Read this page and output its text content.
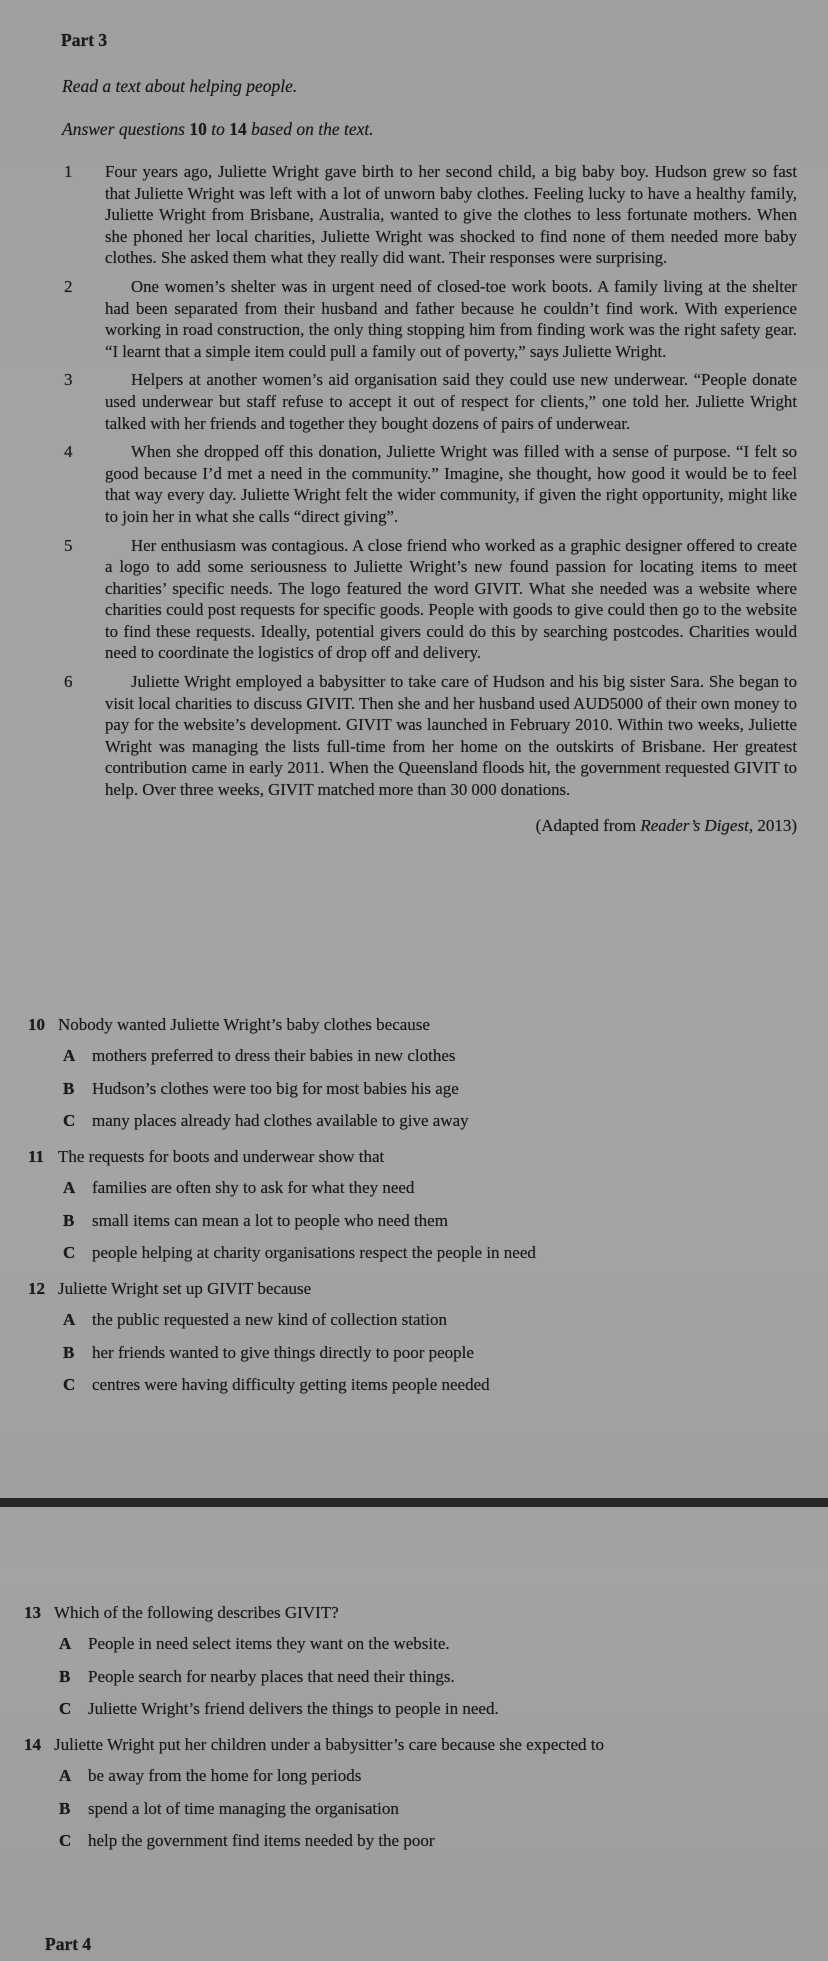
Part 3
Read a text about helping people.
Answer questions 10 to 14 based on the text.
1	Four years ago, Juliette Wright gave birth to her second child, a big baby boy. Hudson grew so fast that Juliette Wright was left with a lot of unworn baby clothes. Feeling lucky to have a healthy family, Juliette Wright from Brisbane, Australia, wanted to give the clothes to less fortunate mothers. When she phoned her local charities, Juliette Wright was shocked to find none of them needed more baby clothes. She asked them what they really did want. Their responses were surprising.
2	One women’s shelter was in urgent need of closed-toe work boots. A family living at the shelter had been separated from their husband and father because he couldn’t find work. With experience working in road construction, the only thing stopping him from finding work was the right safety gear. “I learnt that a simple item could pull a family out of poverty,” says Juliette Wright.
3	Helpers at another women’s aid organisation said they could use new underwear. “People donate used underwear but staff refuse to accept it out of respect for clients,” one told her. Juliette Wright talked with her friends and together they bought dozens of pairs of underwear.
4	When she dropped off this donation, Juliette Wright was filled with a sense of purpose. “I felt so good because I’d met a need in the community.” Imagine, she thought, how good it would be to feel that way every day. Juliette Wright felt the wider community, if given the right opportunity, might like to join her in what she calls “direct giving”.
5	Her enthusiasm was contagious. A close friend who worked as a graphic designer offered to create a logo to add some seriousness to Juliette Wright’s new found passion for locating items to meet charities’ specific needs. The logo featured the word GIVIT. What she needed was a website where charities could post requests for specific goods. People with goods to give could then go to the website to find these requests. Ideally, potential givers could do this by searching postcodes. Charities would need to coordinate the logistics of drop off and delivery.
6	Juliette Wright employed a babysitter to take care of Hudson and his big sister Sara. She began to visit local charities to discuss GIVIT. Then she and her husband used AUD5000 of their own money to pay for the website’s development. GIVIT was launched in February 2010. Within two weeks, Juliette Wright was managing the lists full-time from her home on the outskirts of Brisbane. Her greatest contribution came in early 2011. When the Queensland floods hit, the government requested GIVIT to help. Over three weeks, GIVIT matched more than 30 000 donations.
(Adapted from Reader’s Digest, 2013)
10 Nobody wanted Juliette Wright’s baby clothes because
A mothers preferred to dress their babies in new clothes
B	Hudson’s clothes were too big for most babies his age
C many places already had clothes available to give away
11 The requests for boots and underwear show that
A families are often shy to ask for what they need
B	small items can mean a lot to people who need them
C people helping at charity organisations respect the people in need
12 Juliette Wright set up GIVIT because
A the public requested a new kind of collection station
B	her friends wanted to give things directly to poor people
C centres were having difficulty getting items people needed
13 Which of the following describes GIVIT?
A People in need select items they want on the website.
B	People search for nearby places that need their things.
C Juliette Wright’s friend delivers the things to people in need.
14 Juliette Wright put her children under a babysitter’s care because she expected to
A be away from the home for long periods
B	spend a lot of time managing the organisation
C help the government find items needed by the poor
Part 4
